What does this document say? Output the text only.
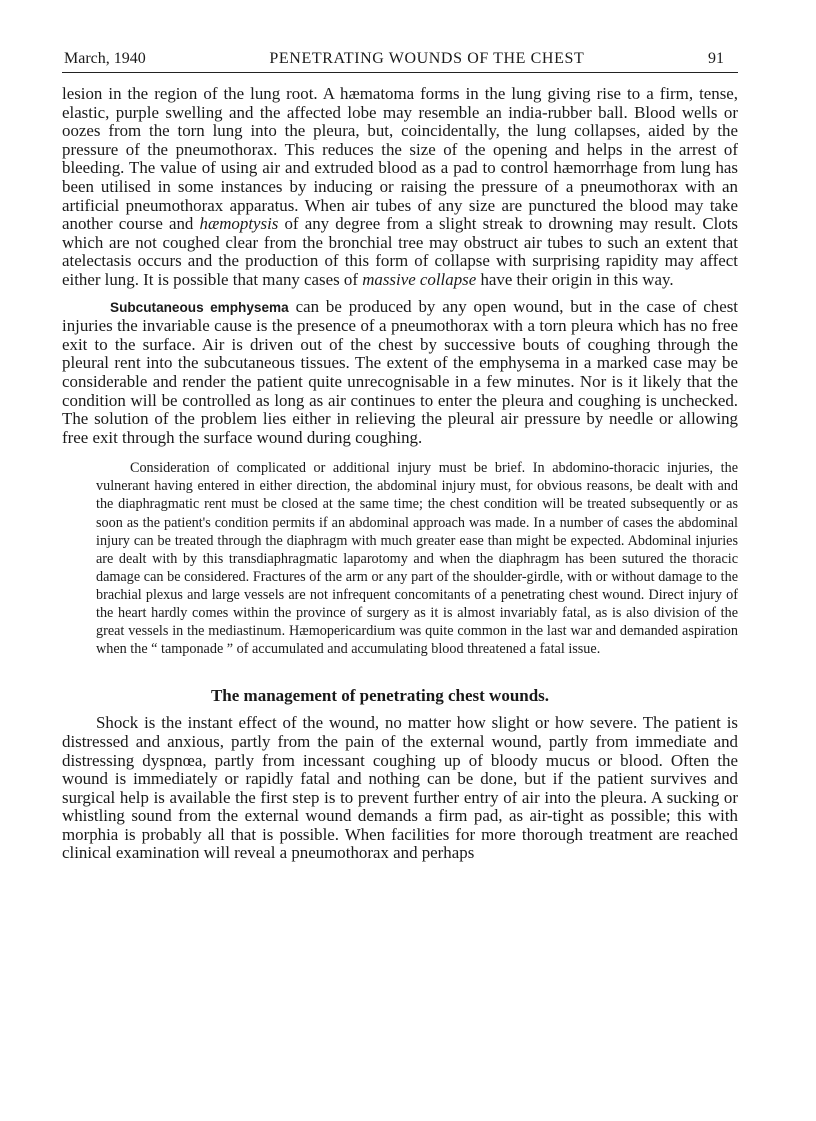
March, 1940	PENETRATING WOUNDS OF THE CHEST	91

lesion in the region of the lung root. A hæmatoma forms in the lung giving rise to a firm, tense, elastic, purple swelling and the affected lobe may resemble an india-rubber ball. Blood wells or oozes from the torn lung into the pleura, but, coincidentally, the lung collapses, aided by the pressure of the pneumothorax. This reduces the size of the opening and helps in the arrest of bleeding. The value of using air and extruded blood as a pad to control hæmorrhage from lung has been utilised in some instances by inducing or raising the pressure of a pneumothorax with an artificial pneumothorax apparatus. When air tubes of any size are punctured the blood may take another course and hæmoptysis of any degree from a slight streak to drowning may result. Clots which are not coughed clear from the bronchial tree may obstruct air tubes to such an extent that atelectasis occurs and the production of this form of collapse with surprising rapidity may affect either lung. It is possible that many cases of massive collapse have their origin in this way.

Subcutaneous emphysema can be produced by any open wound, but in the case of chest injuries the invariable cause is the presence of a pneumothorax with a torn pleura which has no free exit to the surface. Air is driven out of the chest by successive bouts of coughing through the pleural rent into the subcutaneous tissues. The extent of the emphysema in a marked case may be considerable and render the patient quite unrecognisable in a few minutes. Nor is it likely that the condition will be controlled as long as air continues to enter the pleura and coughing is unchecked. The solution of the problem lies either in relieving the pleural air pressure by needle or allowing free exit through the surface wound during coughing.

Consideration of complicated or additional injury must be brief. In abdomino-thoracic injuries, the vulnerant having entered in either direction, the abdominal injury must, for obvious reasons, be dealt with and the diaphragmatic rent must be closed at the same time; the chest condition will be treated subsequently or as soon as the patient's condition permits if an abdominal approach was made. In a number of cases the abdominal injury can be treated through the diaphragm with much greater ease than might be expected. Abdominal injuries are dealt with by this transdiaphragmatic laparotomy and when the diaphragm has been sutured the thoracic damage can be considered. Fractures of the arm or any part of the shoulder-girdle, with or without damage to the brachial plexus and large vessels are not infrequent concomitants of a penetrating chest wound. Direct injury of the heart hardly comes within the province of surgery as it is almost invariably fatal, as is also division of the great vessels in the mediastinum. Hæmopericardium was quite common in the last war and demanded aspiration when the “ tamponade ” of accumulated and accumulating blood threatened a fatal issue.

The management of penetrating chest wounds.

Shock is the instant effect of the wound, no matter how slight or how severe. The patient is distressed and anxious, partly from the pain of the external wound, partly from immediate and distressing dyspnœa, partly from incessant coughing up of bloody mucus or blood. Often the wound is immediately or rapidly fatal and nothing can be done, but if the patient survives and surgical help is available the first step is to prevent further entry of air into the pleura. A sucking or whistling sound from the external wound demands a firm pad, as air-tight as possible; this with morphia is probably all that is possible. When facilities for more thorough treatment are reached clinical examination will reveal a pneumothorax and perhaps
